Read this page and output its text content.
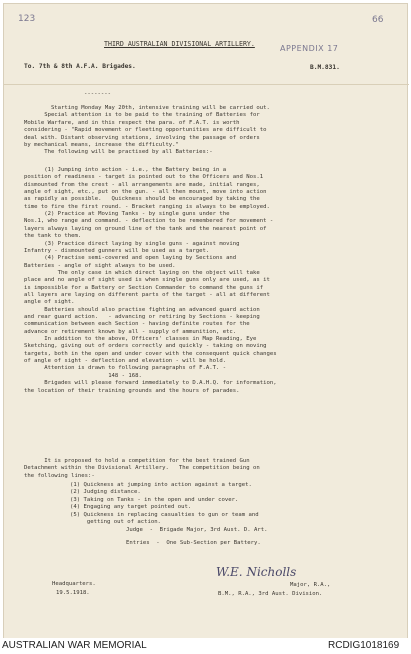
123	66
THIRD AUSTRALIAN DIVISIONAL ARTILLERY.	APPENDIX 17
To. 7th & 8th A.F.A. Brigades.	B.M.831.
--------
Starting Monday May 20th, intensive training will be carried out.
Special attention is to be paid to the training of Batteries for
Mobile Warfare, and in this respect the para. of F.A.T. is worth
considering - "Rapid movement or fleeting opportunities are difficult to
deal with. Distant observing stations, involving the passage of orders
by mechanical means, increase the difficulty."
The following will be practised by all Batteries:-
(1) Jumping into action - i.e., the Battery being in a
position of readiness - target is pointed out to the Officers and Nos.1
dismounted from the crest - all arrangements are made, initial ranges,
angle of sight, etc., put on the gun. - all then mount, move into action
as rapidly as possible.   Quickness should be encouraged by taking the
time to fire the first round. - Bracket ranging is always to be employed.
(2) Practice at Moving Tanks - by single guns under the
Nos.1, who range and command. - deflection to be remembered for movement -
layers always laying on ground line of the tank and the nearest point of
the tank to them.
(3) Practice direct laying by single guns - against moving
Infantry - dismounted gunners will be used as a target.
(4) Practise semi-covered and open laying by Sections and
Batteries - angle of sight always to be used.
The only case in which direct laying on the object will take
place and no angle of sight used is when single guns only are used, as it
is impossible for a Battery or Section Commander to command the guns if
all layers are laying on different parts of the target - all at different
angle of sight.
Batteries should also practise fighting an advanced guard action
and rear guard action.   - advancing or retiring by Sections - keeping
communication between each Section - having definite routes for the
advance or retirement known by all - supply of ammunition, etc.
In addition to the above, Officers' classes in Map Reading, Eye
Sketching, giving out of orders correctly and quickly - taking on moving
targets, both in the open and under cover with the consequent quick changes
of angle of sight - deflection and elevation - will be hold.
Attention is drawn to following paragraphs of F.A.T. -
148 - 168.
Brigades will please forward immediately to D.A.H.Q. for information,
the location of their training grounds and the hours of parades.
It is proposed to hold a competition for the best trained Gun
Detachment within the Divisional Artillery.   The competition being on
the following lines:-
(1) Quickness at jumping into action against a target.
(2) Judging distance.
(3) Taking on Tanks - in the open and under cover.
(4) Engaging any target pointed out.
(5) Quickness in replacing casualties to gun or team and
getting out of action.
Judge  -  Brigade Major, 3rd Aust. D. Art.
Entries  -  One Sub-Section per Battery.
W.E. Nicholls
Headquarters.
19.5.1918.
Major, R.A.,
B.M., R.A., 3rd Aust. Division.
AUSTRALIAN WAR MEMORIAL	RCDIG1018169
